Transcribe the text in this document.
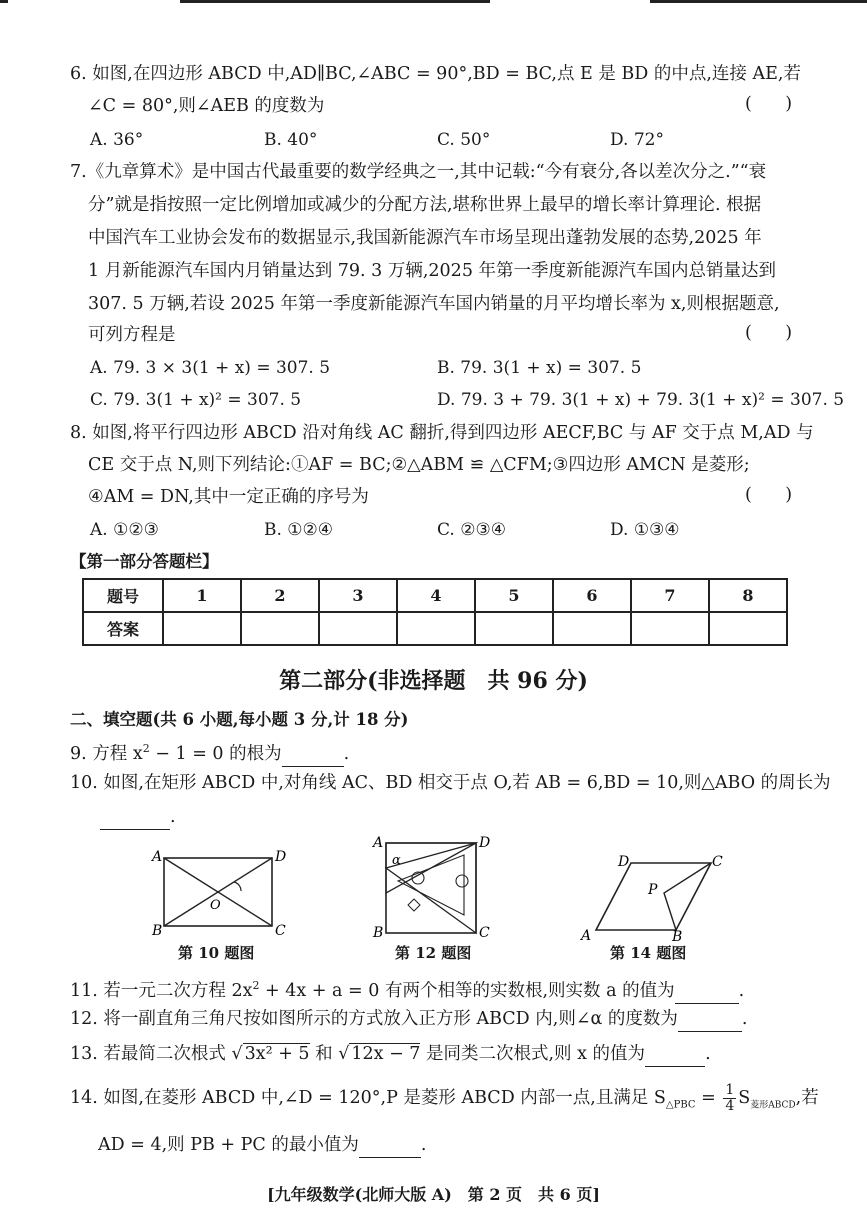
6. 如图,在四边形 ABCD 中,AD∥BC,∠ABC = 90°,BD = BC,点 E 是 BD 的中点,连接 AE,若
∠C = 80°,则∠AEB 的度数为	(      )
A. 36°	B. 40°	C. 50°	D. 72°
7.《九章算术》是中国古代最重要的数学经典之一,其中记载:“今有衰分,各以差次分之.”“衰
分”就是指按照一定比例增加或减少的分配方法,堪称世界上最早的增长率计算理论. 根据
中国汽车工业协会发布的数据显示,我国新能源汽车市场呈现出蓬勃发展的态势,2025 年
1 月新能源汽车国内月销量达到 79. 3 万辆,2025 年第一季度新能源汽车国内总销量达到
307. 5 万辆,若设 2025 年第一季度新能源汽车国内销量的月平均增长率为 x,则根据题意,
可列方程是	(      )
A. 79. 3 × 3(1 + x) = 307. 5	B. 79. 3(1 + x) = 307. 5
C. 79. 3(1 + x)² = 307. 5	D. 79. 3 + 79. 3(1 + x) + 79. 3(1 + x)² = 307. 5
8. 如图,将平行四边形 ABCD 沿对角线 AC 翻折,得到四边形 AECF,BC 与 AF 交于点 M,AD 与
CE 交于点 N,则下列结论:①AF = BC;②△ABM ≌ △CFM;③四边形 AMCN 是菱形;
④AM = DN,其中一定正确的序号为	(      )
A. ①②③	B. ①②④	C. ②③④	D. ①③④
【第一部分答题栏】
题号	1	2	3	4	5	6	7	8
答案								
第二部分(非选择题　共 96 分)
二、填空题(共 6 小题,每小题 3 分,计 18 分)
9. 方程 $x^2 - 1 = 0$ 的根为	.
10. 如图,在矩形 ABCD 中,对角线 AC、BD 相交于点 O,若 AB = 6,BD = 10,则△ABO 的周长为
.
A	D
B	C
O
第 10 题图
A	D
B	C
α
第 12 题图
D	C
P
A	B
第 14 题图
11. 若一元二次方程 $2x^2 + 4x + a = 0$ 有两个相等的实数根,则实数 a 的值为	.
12. 将一副直角三角尺按如图所示的方式放入正方形 ABCD 内,则∠α 的度数为	.
13. 若最简二次根式 √ 3x² + 5 和 √ 12x − 7 是同类二次根式,则 x 的值为	.
14. 如图,在菱形 ABCD 中,∠D = 120°,P 是菱形 ABCD 内部一点,且满足 $S_{\triangle PBC} = \frac{1}{4} S_{菱形ABCD}$,若
AD = 4,则 PB + PC 的最小值为	.
[九年级数学(北师大版 A)　第 2 页　共 6 页]
